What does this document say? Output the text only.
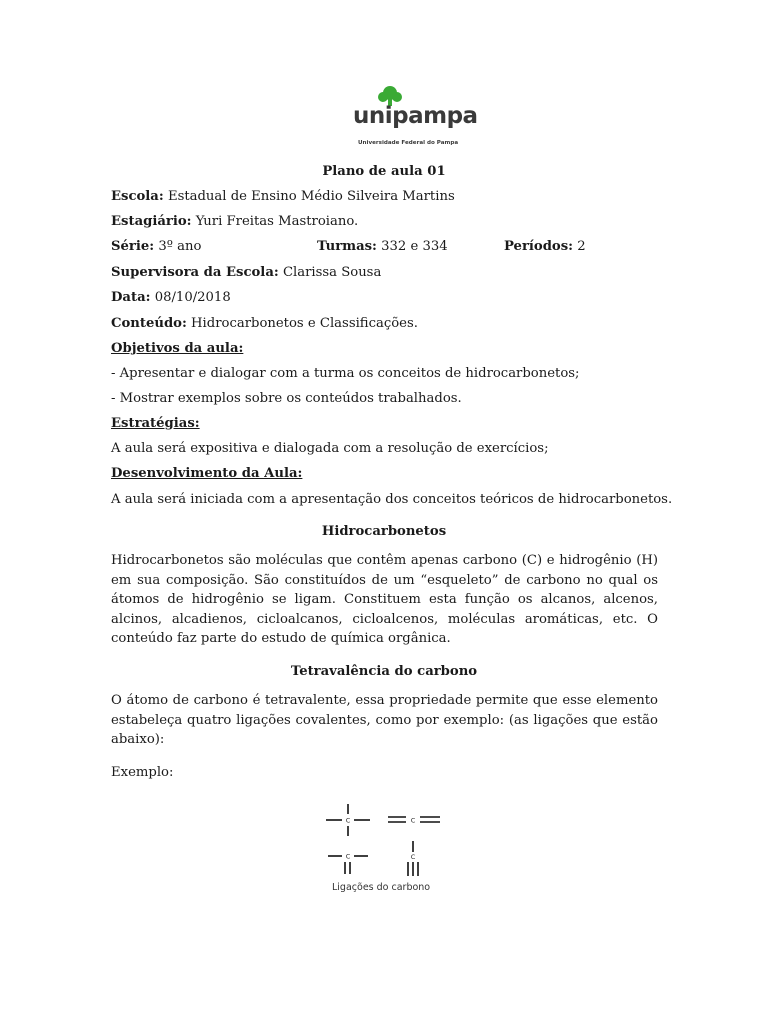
unipampa
Universidade Federal do Pampa
Plano de aula 01
Escola: Estadual de Ensino Médio Silveira Martins
Estagiário: Yuri Freitas Mastroiano.
Série: 3º ano	Turmas: 332 e 334	Períodos: 2
Supervisora da Escola: Clarissa Sousa
Data: 08/10/2018
Conteúdo: Hidrocarbonetos e Classificações.
Objetivos da aula:
- Apresentar e dialogar com a turma os conceitos de hidrocarbonetos;
- Mostrar exemplos sobre os conteúdos trabalhados.
Estratégias:
A aula será expositiva e dialogada com a resolução de exercícios;
Desenvolvimento da Aula:
A aula será iniciada com a apresentação dos conceitos teóricos de hidrocarbonetos.
Hidrocarbonetos
Hidrocarbonetos são moléculas que contêm apenas carbono (C) e hidrogênio (H) em sua composição. São constituídos de um “esqueleto” de carbono no qual os átomos de hidrogênio se ligam. Constituem esta função os alcanos, alcenos, alcinos, alcadienos, cicloalcanos, cicloalcenos, moléculas aromáticas, etc. O conteúdo faz parte do estudo de química orgânica.
Tetravalência do carbono
O átomo de carbono é tetravalente, essa propriedade permite que esse elemento estabeleça quatro ligações covalentes, como por exemplo: (as ligações que estão abaixo):
Exemplo:
C	C
C	C
Ligações do carbono
